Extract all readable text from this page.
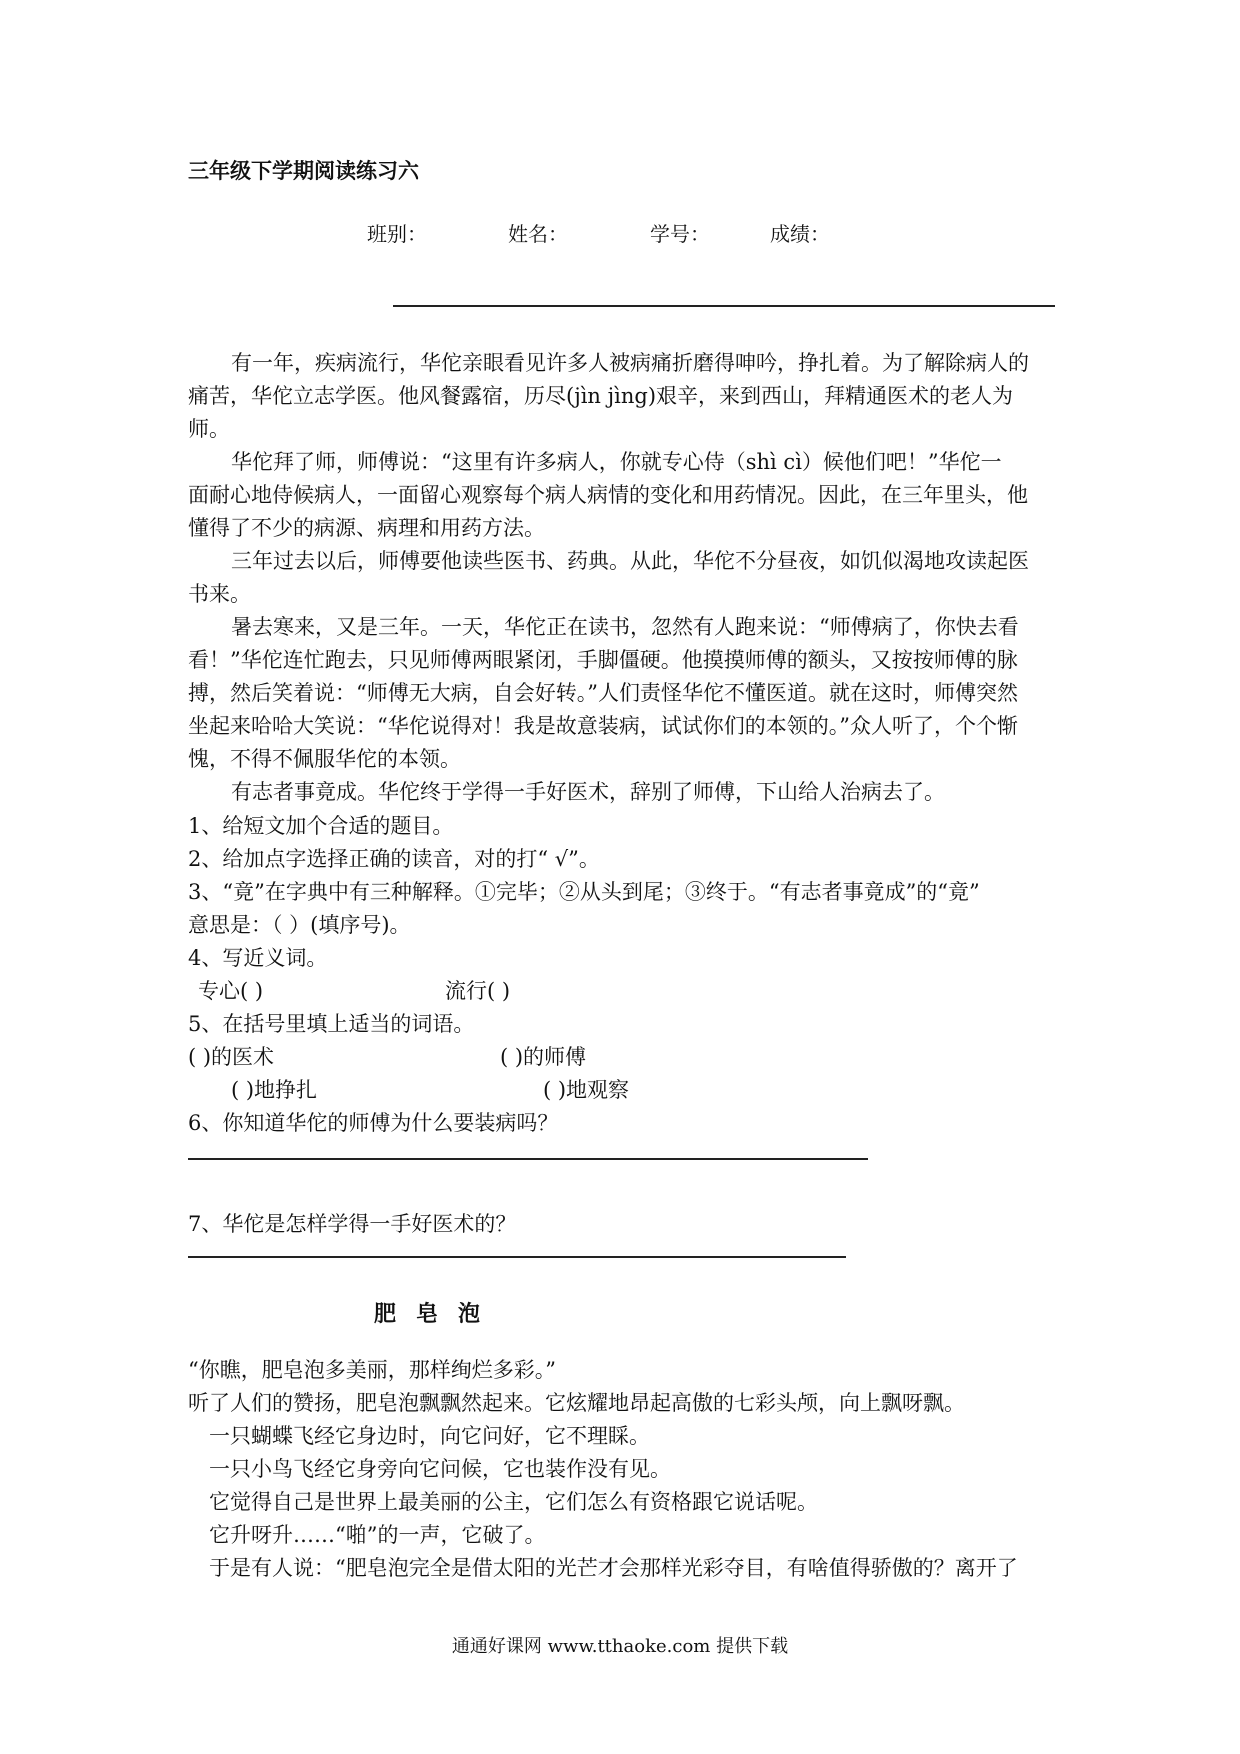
三年级下学期阅读练习六
班别：	姓名：	学号：	成绩：
有一年，疾病流行，华佗亲眼看见许多人被病痛折磨得呻吟，挣扎着。为了解除病人的
痛苦，华佗立志学医。他风餐露宿，历尽(jìn jìng)艰辛，来到西山，拜精通医术的老人为
师。
华佗拜了师，师傅说：“这里有许多病人，你就专心侍（shì cì）候他们吧！”华佗一
面耐心地侍候病人，一面留心观察每个病人病情的变化和用药情况。因此，在三年里头，他
懂得了不少的病源、病理和用药方法。
三年过去以后，师傅要他读些医书、药典。从此，华佗不分昼夜，如饥似渴地攻读起医
书来。
暑去寒来，又是三年。一天，华佗正在读书，忽然有人跑来说：“师傅病了，你快去看
看！”华佗连忙跑去，只见师傅两眼紧闭，手脚僵硬。他摸摸师傅的额头，又按按师傅的脉
搏，然后笑着说：“师傅无大病，自会好转。”人们责怪华佗不懂医道。就在这时，师傅突然
坐起来哈哈大笑说：“华佗说得对！我是故意装病，试试你们的本领的。”众人听了，个个惭
愧，不得不佩服华佗的本领。
有志者事竟成。华佗终于学得一手好医术，辞别了师傅，下山给人治病去了。
1、给短文加个合适的题目。
2、给加点字选择正确的读音，对的打“ √”。
3、“竟”在字典中有三种解释。①完毕；②从头到尾；③终于。“有志者事竟成”的“竟”
意思是：（ ）(填序号)。
4、写近义词。
专心( )	流行( )
5、在括号里填上适当的词语。
( )的医术	( )的师傅
( )地挣扎	( )地观察
6、你知道华佗的师傅为什么要装病吗？
7、华佗是怎样学得一手好医术的？
肥皂泡
“你瞧，肥皂泡多美丽，那样绚烂多彩。”
听了人们的赞扬，肥皂泡飘飘然起来。它炫耀地昂起高傲的七彩头颅，向上飘呀飘。
一只蝴蝶飞经它身边时，向它问好，它不理睬。
一只小鸟飞经它身旁向它问候，它也装作没有见。
它觉得自己是世界上最美丽的公主，它们怎么有资格跟它说话呢。
它升呀升……“啪”的一声，它破了。
于是有人说：“肥皂泡完全是借太阳的光芒才会那样光彩夺目，有啥值得骄傲的？离开了
通通好课网 www.tthaoke.com 提供下载
